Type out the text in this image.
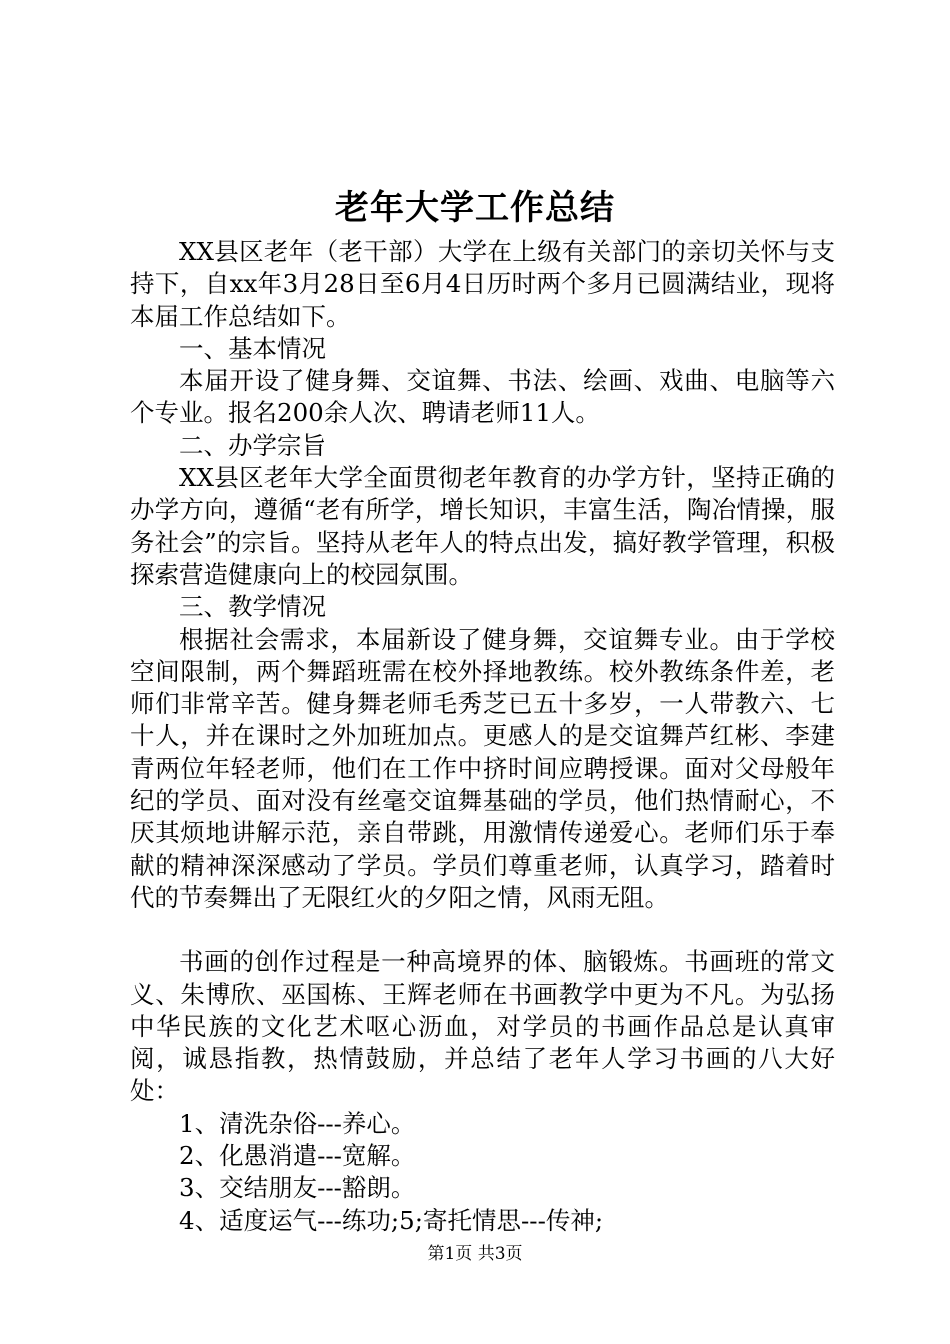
老年大学工作总结

XX县区老年（老干部）大学在上级有关部门的亲切关怀与支持下，自xx年3月28日至6月4日历时两个多月已圆满结业，现将本届工作总结如下。

一、基本情况

本届开设了健身舞、交谊舞、书法、绘画、戏曲、电脑等六个专业。报名200余人次、聘请老师11人。

二、办学宗旨

XX县区老年大学全面贯彻老年教育的办学方针，坚持正确的办学方向，遵循“老有所学，增长知识，丰富生活，陶冶情操，服务社会”的宗旨。坚持从老年人的特点出发，搞好教学管理，积极探索营造健康向上的校园氛围。

三、教学情况

根据社会需求，本届新设了健身舞，交谊舞专业。由于学校空间限制，两个舞蹈班需在校外择地教练。校外教练条件差，老师们非常辛苦。健身舞老师毛秀芝已五十多岁，一人带教六、七十人，并在课时之外加班加点。更感人的是交谊舞芦红彬、李建青两位年轻老师，他们在工作中挤时间应聘授课。面对父母般年纪的学员、面对没有丝毫交谊舞基础的学员，他们热情耐心，不厌其烦地讲解示范，亲自带跳，用激情传递爱心。老师们乐于奉献的精神深深感动了学员。学员们尊重老师，认真学习，踏着时代的节奏舞出了无限红火的夕阳之情，风雨无阻。

书画的创作过程是一种高境界的体、脑锻炼。书画班的常文义、朱博欣、巫国栋、王辉老师在书画教学中更为不凡。为弘扬中华民族的文化艺术呕心沥血，对学员的书画作品总是认真审阅，诚恳指教，热情鼓励，并总结了老年人学习书画的八大好处：

1、清洗杂俗---养心。

2、化愚消遣---宽解。

3、交结朋友---豁朗。

4、适度运气---练功;5;寄托情思---传神;

第1页 共3页
